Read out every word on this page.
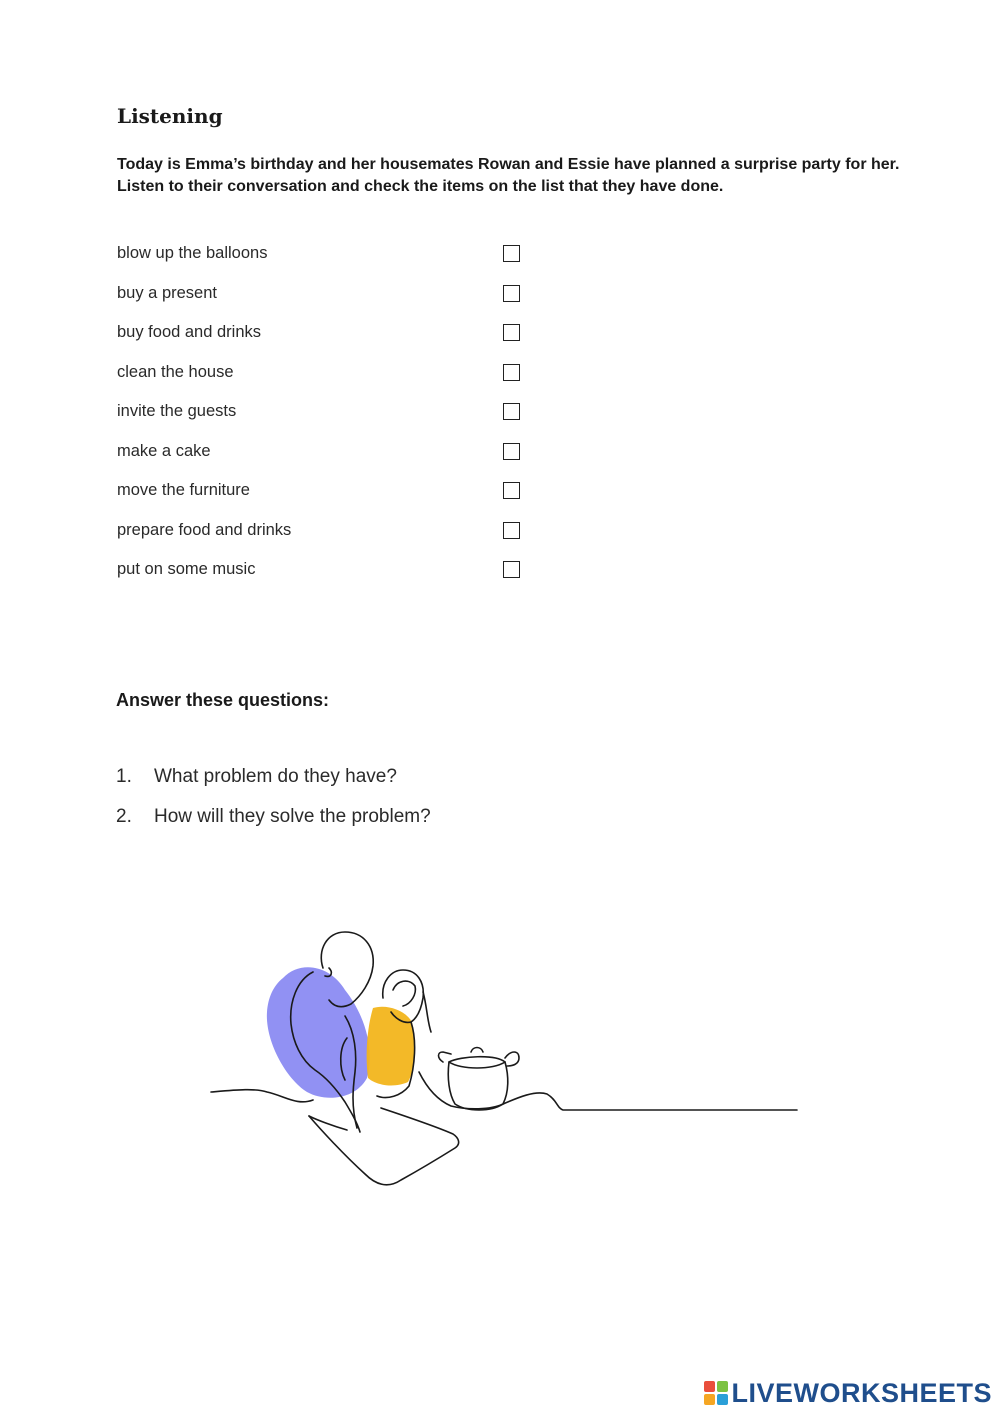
Listening
Today is Emma’s birthday and her housemates Rowan and Essie have planned a surprise party for her.
Listen to their conversation and check the items on the list that they have done.
blow up the balloons
buy a present
buy food and drinks
clean the house
invite the guests
make a cake
move the furniture
prepare food and drinks
put on some music
Answer these questions:
1. What problem do they have?
2. How will they solve the problem?
LIVEWORKSHEETS
